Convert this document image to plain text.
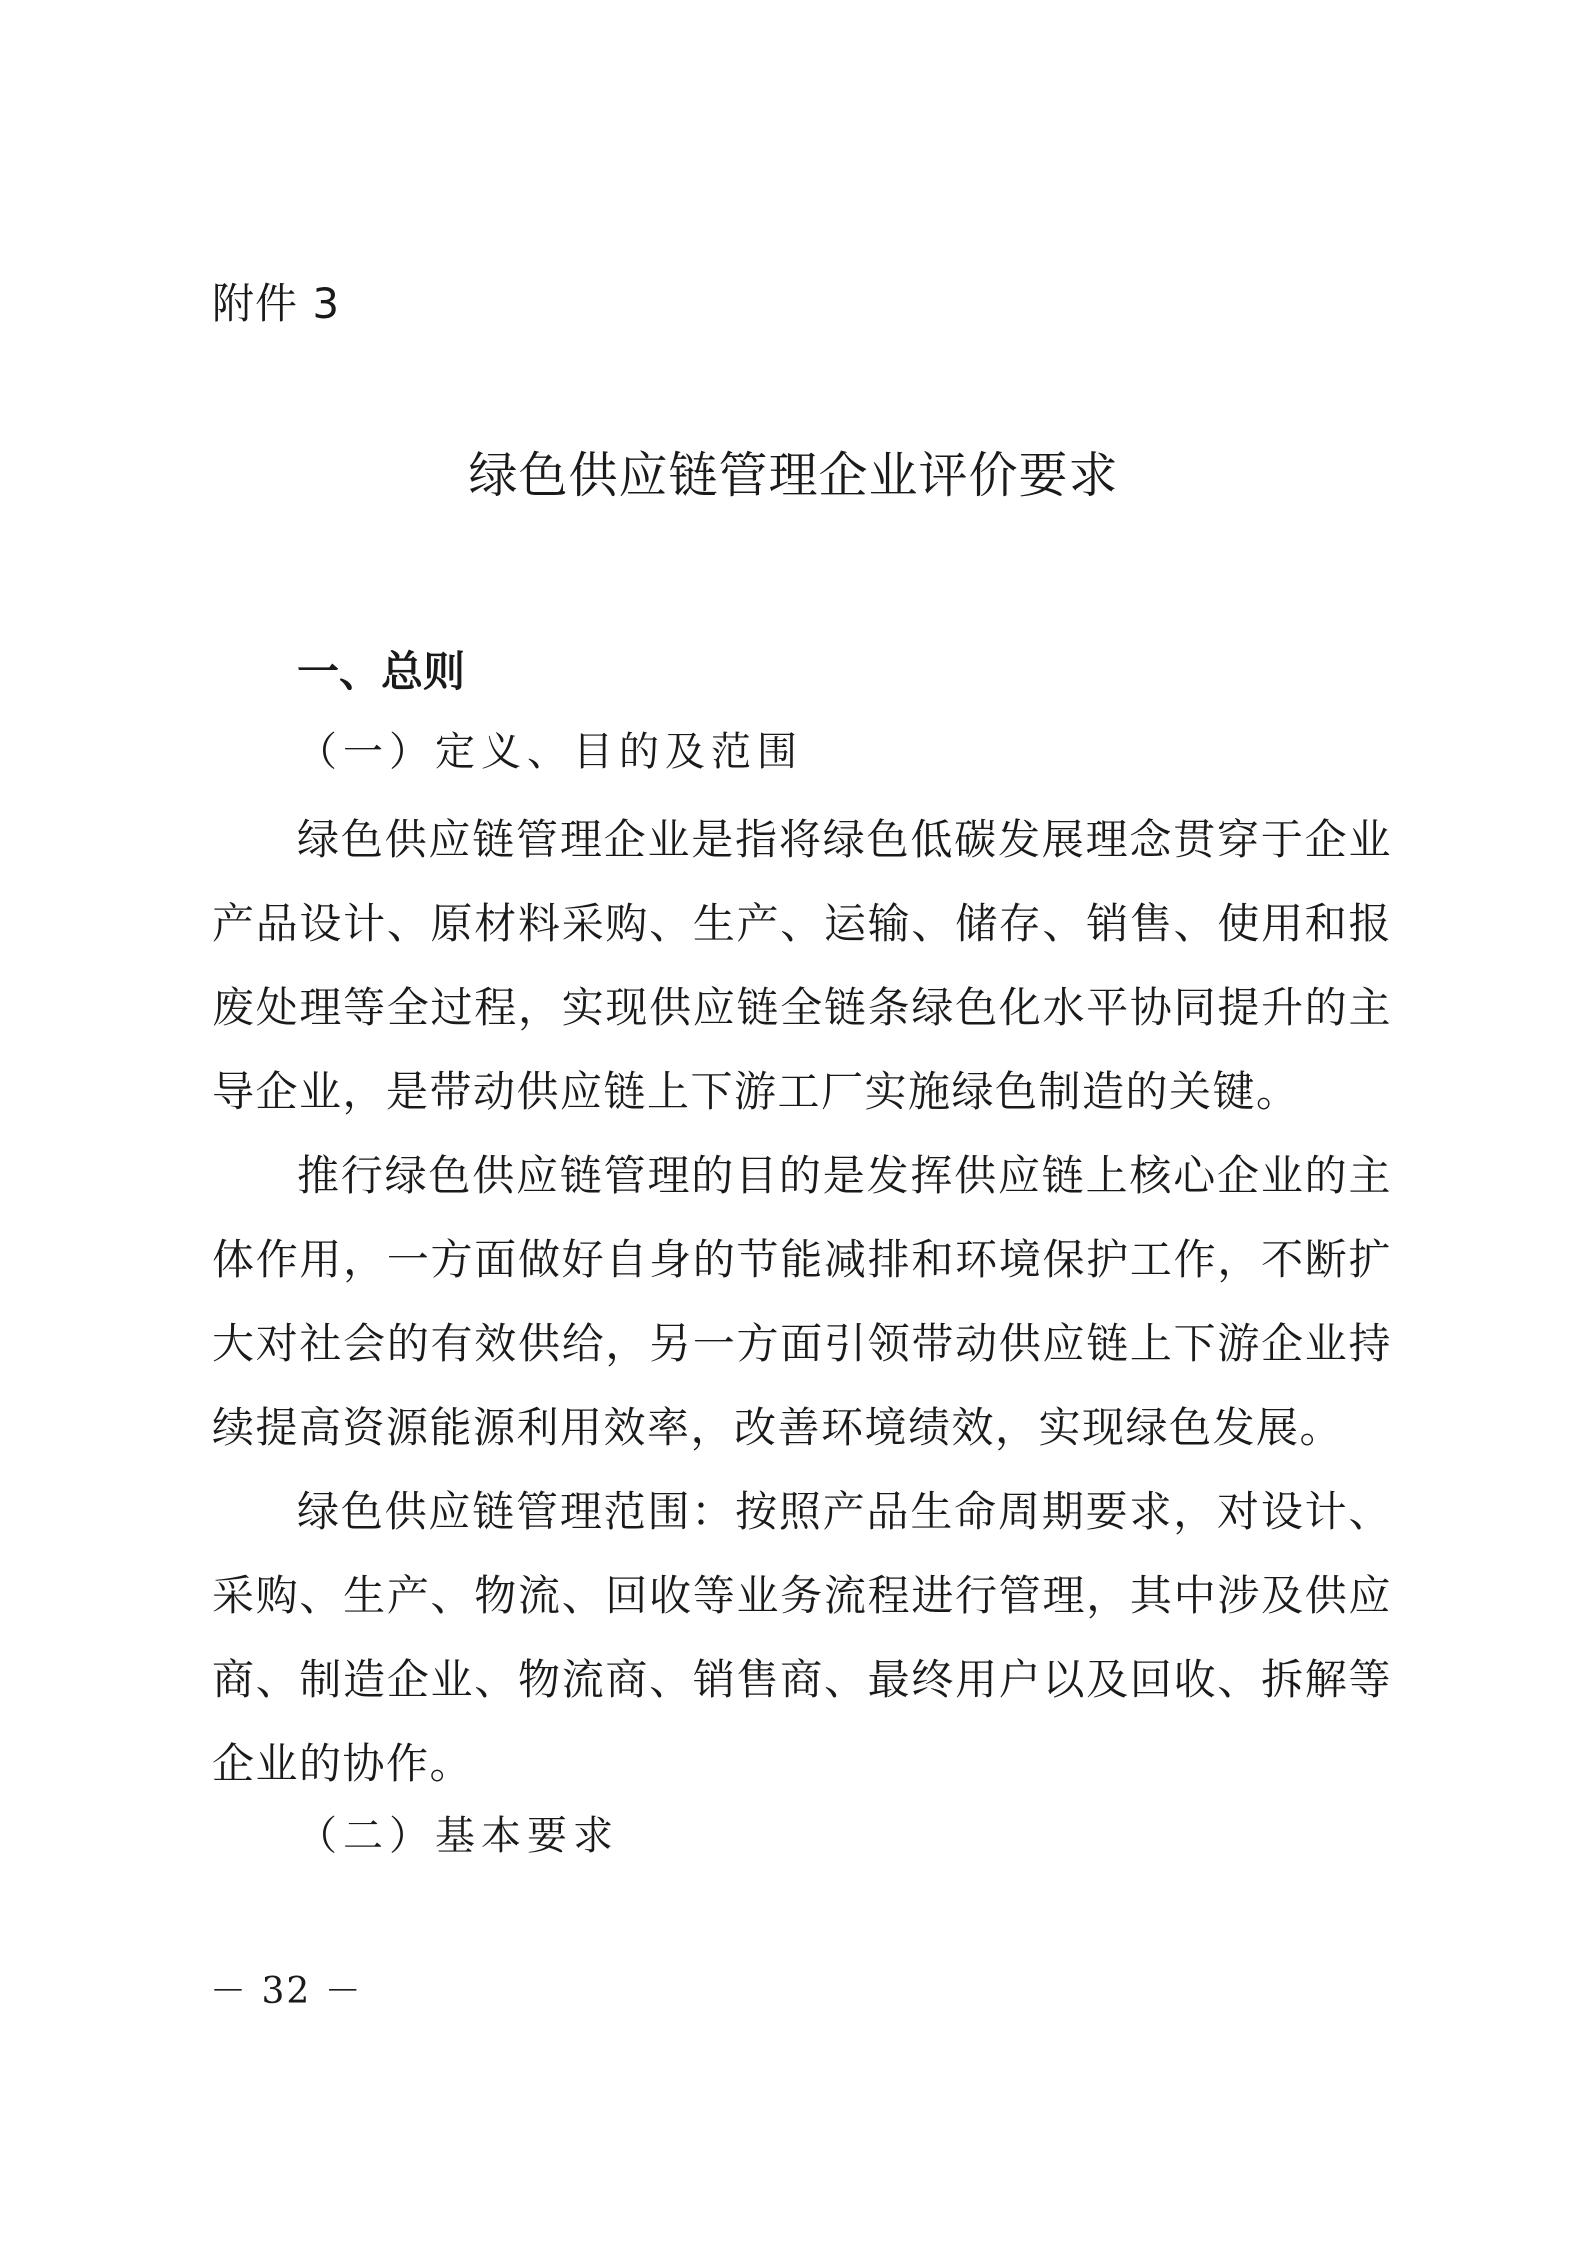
附件 3
绿色供应链管理企业评价要求
一、总则
（一）定义、目的及范围

绿色供应链管理企业是指将绿色低碳发展理念贯穿于企业产品设计、原材料采购、生产、运输、储存、销售、使用和报废处理等全过程，实现供应链全链条绿色化水平协同提升的主导企业，是带动供应链上下游工厂实施绿色制造的关键。

推行绿色供应链管理的目的是发挥供应链上核心企业的主体作用，一方面做好自身的节能减排和环境保护工作，不断扩大对社会的有效供给，另一方面引领带动供应链上下游企业持续提高资源能源利用效率，改善环境绩效，实现绿色发展。

绿色供应链管理范围：按照产品生命周期要求，对设计、采购、生产、物流、回收等业务流程进行管理，其中涉及供应商、制造企业、物流商、销售商、最终用户以及回收、拆解等企业的协作。

（二）基本要求
－ 32 －
